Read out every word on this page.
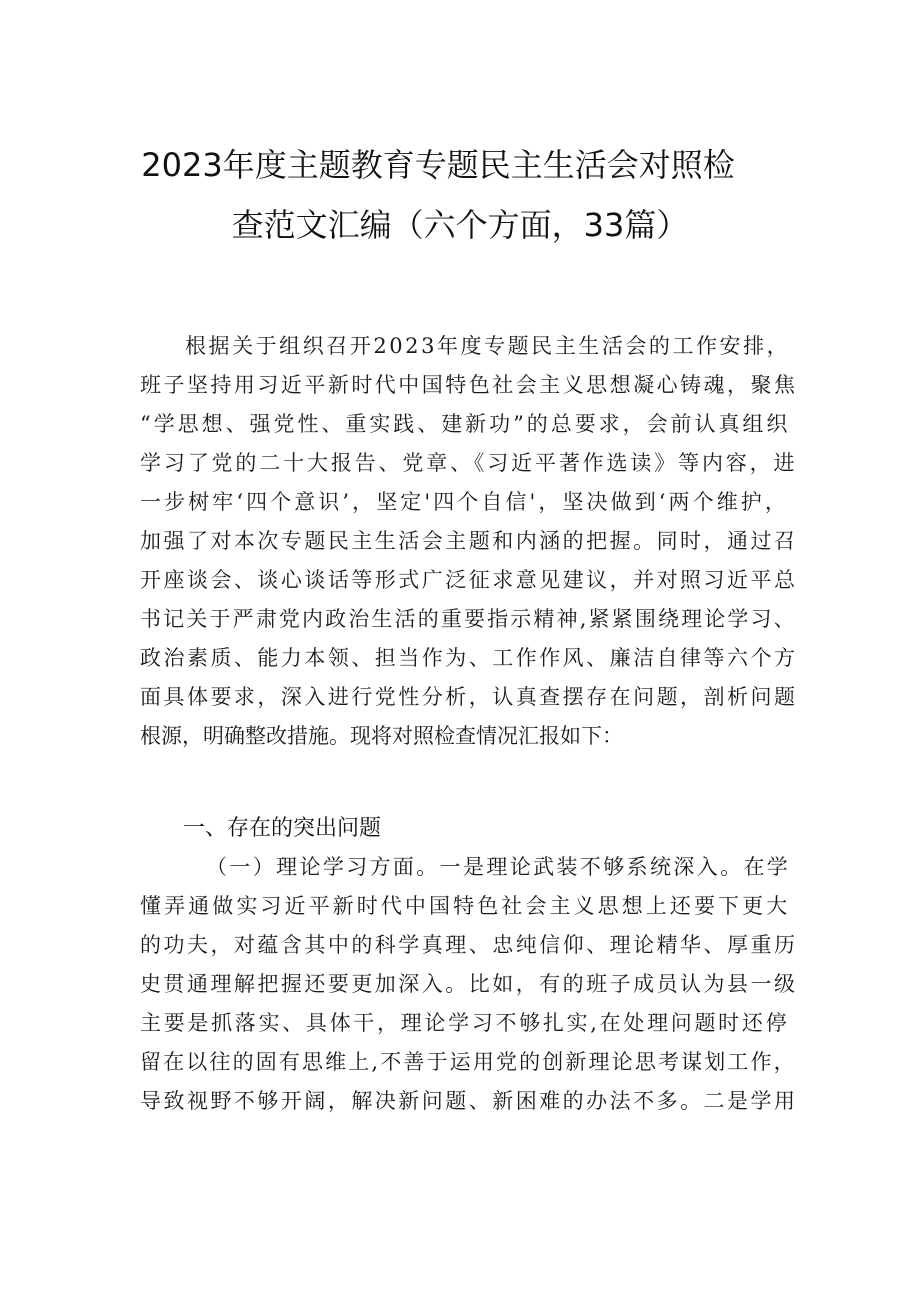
2023年度主题教育专题民主生活会对照检
查范文汇编（六个方面，33篇）
根据关于组织召开2023年度专题民主生活会的工作安排，
班子坚持用习近平新时代中国特色社会主义思想凝心铸魂，聚焦
“学思想、强党性、重实践、建新功”的总要求，会前认真组织
学习了党的二十大报告、党章、《习近平著作选读》等内容，进
一步树牢‘四个意识’，坚定'四个自信'，坚决做到‘两个维护，
加强了对本次专题民主生活会主题和内涵的把握。同时，通过召
开座谈会、谈心谈话等形式广泛征求意见建议，并对照习近平总
书记关于严肃党内政治生活的重要指示精神,紧紧围绕理论学习、
政治素质、能力本领、担当作为、工作作风、廉洁自律等六个方
面具体要求，深入进行党性分析，认真查摆存在问题，剖析问题
根源，明确整改措施。现将对照检查情况汇报如下：
一、存在的突出问题
（一）理论学习方面。一是理论武装不够系统深入。在学
懂弄通做实习近平新时代中国特色社会主义思想上还要下更大
的功夫，对蕴含其中的科学真理、忠纯信仰、理论精华、厚重历
史贯通理解把握还要更加深入。比如，有的班子成员认为县一级
主要是抓落实、具体干，理论学习不够扎实,在处理问题时还停
留在以往的固有思维上,不善于运用党的创新理论思考谋划工作，
导致视野不够开阔，解决新问题、新困难的办法不多。二是学用
